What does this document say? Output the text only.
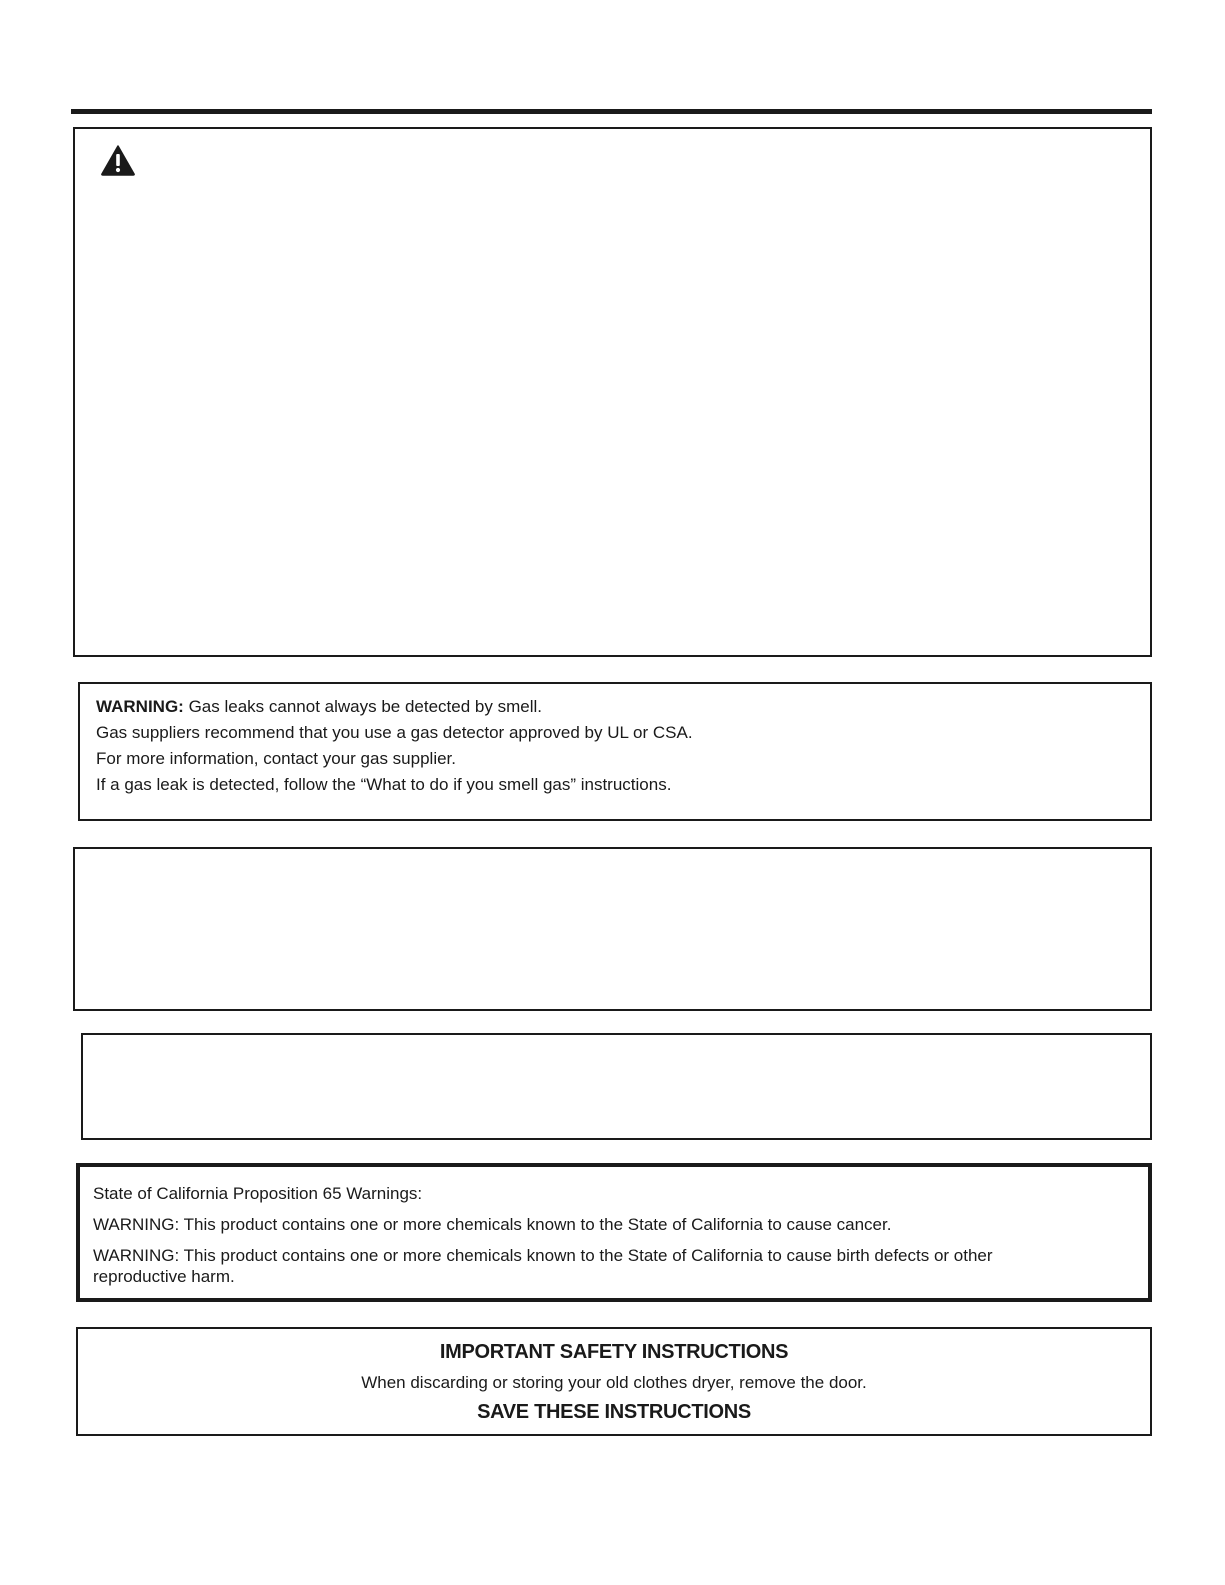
WARNING: Gas leaks cannot always be detected by smell.
Gas suppliers recommend that you use a gas detector approved by UL or CSA.
For more information, contact your gas supplier.
If a gas leak is detected, follow the “What to do if you smell gas” instructions.
State of California Proposition 65 Warnings:
WARNING: This product contains one or more chemicals known to the State of California to cause cancer.
WARNING: This product contains one or more chemicals known to the State of California to cause birth defects or other
reproductive harm.
IMPORTANT SAFETY INSTRUCTIONS
When discarding or storing your old clothes dryer, remove the door.
SAVE THESE INSTRUCTIONS
